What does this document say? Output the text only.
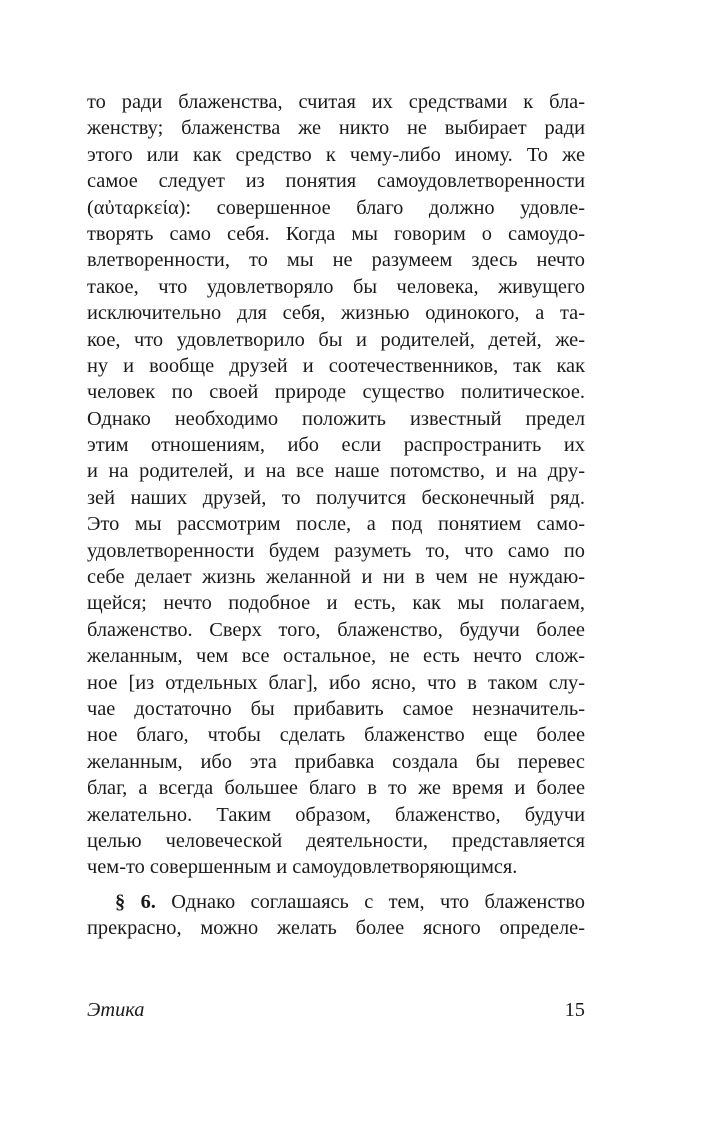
то ради блаженства, считая их средствами к бла-
женству; блаженства же никто не выбирает ради
этого или как средство к чему-либо иному. То же
самое следует из понятия самоудовлетворенности
(αὐταρκεία): совершенное благо должно удовле-
творять само себя. Когда мы говорим о самоудо-
влетворенности, то мы не разумеем здесь нечто
такое, что удовлетворяло бы человека, живущего
исключительно для себя, жизнью одинокого, а та-
кое, что удовлетворило бы и родителей, детей, же-
ну и вообще друзей и соотечественников, так как
человек по своей природе существо политическое.
Однако необходимо положить известный предел
этим отношениям, ибо если распространить их
и на родителей, и на все наше потомство, и на дру-
зей наших друзей, то получится бесконечный ряд.
Это мы рассмотрим после, а под понятием само-
удовлетворенности будем разуметь то, что само по
себе делает жизнь желанной и ни в чем не нуждаю-
щейся; нечто подобное и есть, как мы полагаем,
блаженство. Сверх того, блаженство, будучи более
желанным, чем все остальное, не есть нечто слож-
ное [из отдельных благ], ибо ясно, что в таком слу-
чае достаточно бы прибавить самое незначитель-
ное благо, чтобы сделать блаженство еще более
желанным, ибо эта прибавка создала бы перевес
благ, а всегда большее благо в то же время и более
желательно. Таким образом, блаженство, будучи
целью человеческой деятельности, представляется
чем-то совершенным и самоудовлетворяющимся.
§ 6. Однако соглашаясь с тем, что блаженство
прекрасно, можно желать более ясного определе-
Этика	15
